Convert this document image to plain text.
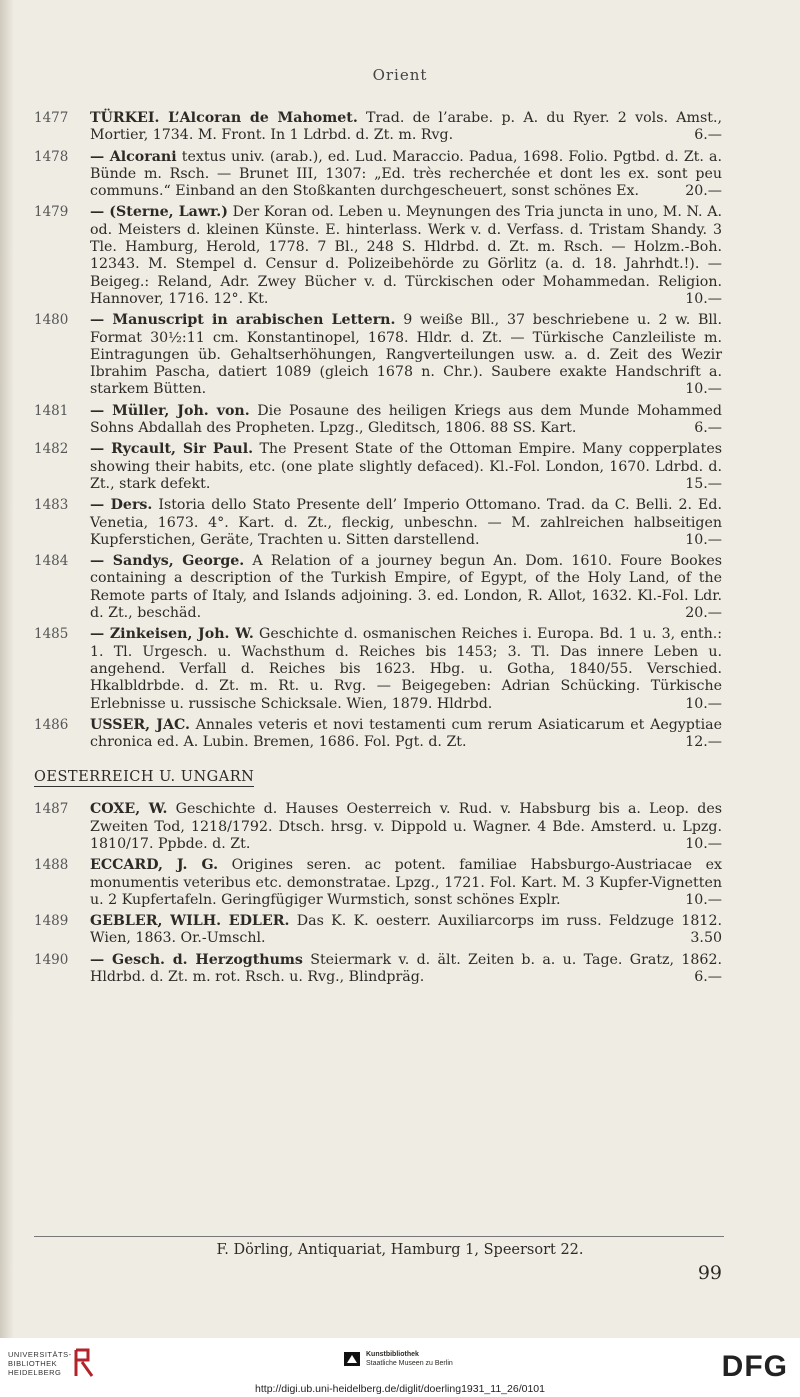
Orient
1477 TÜRKEI. L’Alcoran de Mahomet. Trad. de l’arabe. p. A. du Ryer. 2 vols. Amst., Mortier, 1734. M. Front. In 1 Ldrbd. d. Zt. m. Rvg.	6.—
1478 — Alcorani textus univ. (arab.), ed. Lud. Maraccio. Padua, 1698. Folio. Pgtbd. d. Zt. a. Bünde m. Rsch. — Brunet III, 1307: „Ed. très recherchée et dont les ex. sont peu communs.“ Einband an den Stoßkanten durchgescheuert, sonst schönes Ex.	20.—
1479 — (Sterne, Lawr.) Der Koran od. Leben u. Meynungen des Tria juncta in uno, M. N. A. od. Meisters d. kleinen Künste. E. hinterlass. Werk v. d. Verfass. d. Tristam Shandy. 3 Tle. Hamburg, Herold, 1778. 7 Bl., 248 S. Hldrbd. d. Zt. m. Rsch. — Holzm.-Boh. 12343. M. Stempel d. Censur d. Polizeibehörde zu Görlitz (a. d. 18. Jahrhdt.!). — Beigeg.: Reland, Adr. Zwey Bücher v. d. Türckischen oder Mohammedan. Religion. Hannover, 1716. 12°. Kt.	10.—
1480 — Manuscript in arabischen Lettern. 9 weiße Bll., 37 beschriebene u. 2 w. Bll. Format 30½:11 cm. Konstantinopel, 1678. Hldr. d. Zt. — Türkische Canzleiliste m. Eintragungen üb. Gehaltserhöhungen, Rangverteilungen usw. a. d. Zeit des Wezir Ibrahim Pascha, datiert 1089 (gleich 1678 n. Chr.). Saubere exakte Handschrift a. starkem Bütten.	10.—
1481 — Müller, Joh. von. Die Posaune des heiligen Kriegs aus dem Munde Mohammed Sohns Abdallah des Propheten. Lpzg., Gleditsch, 1806. 88 SS. Kart.	6.—
1482 — Rycault, Sir Paul. The Present State of the Ottoman Empire. Many copperplates showing their habits, etc. (one plate slightly defaced). Kl.-Fol. London, 1670. Ldrbd. d. Zt., stark defekt.	15.—
1483 — Ders. Istoria dello Stato Presente dell’ Imperio Ottomano. Trad. da C. Belli. 2. Ed. Venetia, 1673. 4°. Kart. d. Zt., fleckig, unbeschn. — M. zahlreichen halbseitigen Kupferstichen, Geräte, Trachten u. Sitten darstellend.	10.—
1484 — Sandys, George. A Relation of a journey begun An. Dom. 1610. Foure Bookes containing a description of the Turkish Empire, of Egypt, of the Holy Land, of the Remote parts of Italy, and Islands adjoining. 3. ed. London, R. Allot, 1632. Kl.-Fol. Ldr. d. Zt., beschäd.	20.—
1485 — Zinkeisen, Joh. W. Geschichte d. osmanischen Reiches i. Europa. Bd. 1 u. 3, enth.: 1. Tl. Urgesch. u. Wachsthum d. Reiches bis 1453; 3. Tl. Das innere Leben u. angehend. Verfall d. Reiches bis 1623. Hbg. u. Gotha, 1840/55. Verschied. Hkalbldrbde. d. Zt. m. Rt. u. Rvg. — Beigegeben: Adrian Schücking. Türkische Erlebnisse u. russische Schicksale. Wien, 1879. Hldrbd.	10.—
1486 USSER, JAC. Annales veteris et novi testamenti cum rerum Asiaticarum et Aegyptiae chronica ed. A. Lubin. Bremen, 1686. Fol. Pgt. d. Zt.	12.—
OESTERREICH U. UNGARN
1487 COXE, W. Geschichte d. Hauses Oesterreich v. Rud. v. Habsburg bis a. Leop. des Zweiten Tod, 1218/1792. Dtsch. hrsg. v. Dippold u. Wagner. 4 Bde. Amsterd. u. Lpzg. 1810/17. Ppbde. d. Zt.	10.—
1488 ECCARD, J. G. Origines seren. ac potent. familiae Habsburgo-Austriacae ex monumentis veteribus etc. demonstratae. Lpzg., 1721. Fol. Kart. M. 3 Kupfer-Vignetten u. 2 Kupfertafeln. Geringfügiger Wurmstich, sonst schönes Explr.	10.—
1489 GEBLER, WILH. EDLER. Das K. K. oesterr. Auxiliarcorps im russ. Feldzuge 1812. Wien, 1863. Or.-Umschl.	3.50
1490 — Gesch. d. Herzogthums Steiermark v. d. ält. Zeiten b. a. u. Tage. Gratz, 1862. Hldrbd. d. Zt. m. rot. Rsch. u. Rvg., Blindpräg.	6.—
F. Dörling, Antiquariat, Hamburg 1, Speersort 22.
99
UNIVERSITÄTS-
BIBLIOTHEK
HEIDELBERG
Kunstbibliothek
Staatliche Museen zu Berlin	DFG
http://digi.ub.uni-heidelberg.de/diglit/doerling1931_11_26/0101
